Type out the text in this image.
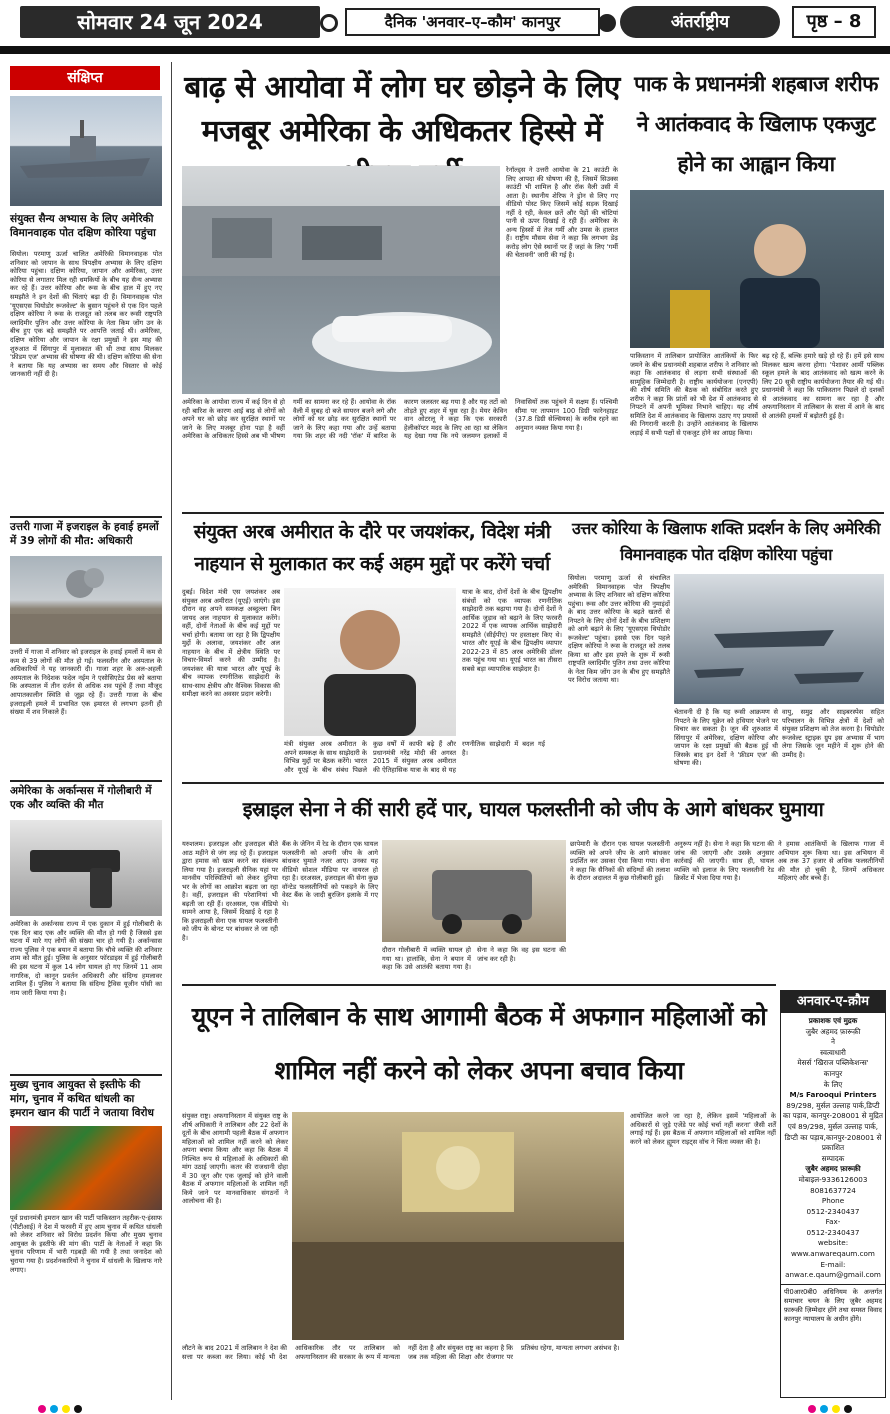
सोमवार 24 जून 2024	दैनिक 'अनवार–ए–कौम' कानपुर	अंतर्राष्ट्रीय	पृष्ठ – 8
संक्षिप्त
संयुक्त सैन्य अभ्यास के लिए अमेरिकी विमानवाहक पोत दक्षिण कोरिया पहुंचा
सियोल। परमाणु ऊर्जा चालित अमेरिकी विमानवाहक पोत शनिवार को जापान के साथ त्रिपक्षीय अभ्यास के लिए दक्षिण कोरिया पहुंचा। दक्षिण कोरिया, जापान और अमेरिका, उत्तर कोरिया से लगातार मिल रही धमकियों के बीच यह सैन्य अभ्यास कर रहे हैं। उत्तर कोरिया और रूस के बीच हाल में हुए नए समझौते ने इन देशों की चिंताएं बढ़ा दी हैं। विमानवाहक पोत 'यूएसएस थियोडोर रूजवेल्ट' के बुसान पहुंचने से एक दिन पहले दक्षिण कोरिया ने रूस के राजदूत को तलब कर रूसी राष्ट्रपति व्लादिमीर पुतिन और उत्तर कोरिया के नेता किम जोंग उन के बीच हुए एक बड़े समझौते पर आपत्ति जताई थी। अमेरिका, दक्षिण कोरिया और जापान के रक्षा प्रमुखों ने इस माह की शुरुआत में सिंगापुर में मुलाकात की थी तथा साथ मिलकर 'फ्रीडम एज' अभ्यास की घोषणा की थी। दक्षिण कोरिया की सेना ने बताया कि यह अभ्यास का समय और विस्तार से कोई जानकारी नहीं दी है।
उत्तरी गाजा में इजराइल के हवाई हमलों में 39 लोगों की मौत: अधिकारी
उत्तरी में गाजा में शनिवार को इजराइल के हवाई हमलों में कम से कम से 39 लोगों की मौत हो गई। फलस्तीन और अस्पताल के अधिकारियों ने यह जानकारी दी। गाजा शहर के अल-अहली अस्पताल के निदेशक फदेल नईम ने एसोसिएटेड प्रेस को बताया कि अस्पताल में तीन दर्जन से अधिक शव पहुंचे हैं तथा मौजूद आपातकालीन स्थिति से जूझ रहे हैं। उत्तरी गाजा के बीच इजराइली हमले में प्रभावित एक इमारत से लगभग इतनी ही संख्या में शव निकाले हैं।
अमेरिका के अर्कान्सस में गोलीबारी में एक और व्यक्ति की मौत
अमेरिका के अर्कान्सस राज्य में एक दुकान में हुई गोलीबारी के एक दिन बाद एक और व्यक्ति की मौत हो गयी है जिससे इस घटना में मारे गए लोगों की संख्या चार हो गयी है। अर्कान्सास राज्य पुलिस ने एक बयान में बताया कि चौथे व्यक्ति की शनिवार शाम को मौत हुई। पुलिस के अनुसार फॉरडाइस में हुई गोलीबारी की इस घटना में कुल 14 लोग घायल हो गए जिनमें 11 आम नागरिक, दो कानून प्रवर्तन अधिकारी और संदिग्ध हमलावर शामिल हैं। पुलिस ने बताया कि संदिग्ध ट्रैविस यूजीन पॉसी का नाम जारी किया गया है।
मुख्य चुनाव आयुक्त से इस्तीफे की मांग, चुनाव में कथित धांधली का इमरान खान की पार्टी ने जताया विरोध
पूर्व प्रधानमंत्री इमरान खान की पार्टी पाकिस्तान तहरीक-ए-इंसाफ (पीटीआई) ने देश में फरवरी में हुए आम चुनाव में कथित धांधली को लेकर शनिवार को विरोध प्रदर्शन किया और मुख्य चुनाव आयुक्त के इस्तीफे की मांग की। पार्टी के नेताओं ने कहा कि चुनाव परिणाम में भारी गड़बड़ी की गयी है तथा जनादेश को चुराया गया है। प्रदर्शनकारियों ने चुनाव में धांधली के खिलाफ नारे लगाए।
बाढ़ से आयोवा में लोग घर छोड़ने के लिए मजबूर अमेरिका के अधिकतर हिस्से में
रेनॉल्ड्स ने उत्तरी आयोवा के 21 काउंटी के लिए आपदा की घोषणा की है, जिसमें सिउक्स काउंटी भी शामिल है और रॉक वैली उसी में आता है। स्थानीय शेरिफ ने ड्रोन से लिए गए वीडियो पोस्ट किए जिसमें कोई सड़क दिखाई नहीं दे रही, केवल छतें और पेड़ों की चोटियां पानी से ऊपर दिखाई दे रही हैं। अमेरिका के अन्य हिस्सों में तेज गर्मी और उमस के हालात हैं। राष्ट्रीय मौसम सेवा ने कहा कि लगभग डेढ़ करोड़ लोग ऐसे स्थानों पर हैं जहां के लिए 'गर्मी की चेतावनी' जारी की गई है।
अमेरिका के आयोवा राज्य में कई दिन से हो रही बारिश के कारण आई बाढ़ से लोगों को अपने घर को छोड़ कर सुरक्षित स्थानों पर जाने के लिए मजबूर होना पड़ा है वहीं अमेरिका के अधिकतर हिस्से अब भी भीषण गर्मी का सामना कर रहे हैं। आयोवा के रॉक वैली में सुबह दो बजे सायरन बजने लगे और लोगों को घर छोड़ कर सुरक्षित स्थानों पर जाने के लिए कहा गया और उन्हें बताया गया कि शहर की नदी 'रॉक' में बारिश के कारण जलस्तर बढ़ गया है और यह तटों को तोड़ते हुए शहर में घुस रहा है। मेयर केविन वान ओटरलू ने कहा कि एक सरकारी हेलीकॉप्टर मदद के लिए आ रहा था लेकिन यह देखा गया कि नये जलमग्न इलाकों में निवासियों तक पहुंचने में सक्षम हैं। पश्चिमी सीमा पर तापमान 100 डिग्री फारेनहाइट (37.8 डिग्री सेल्सियस) के करीब रहने का अनुमान व्यक्त किया गया है।
पाक के प्रधानमंत्री शहबाज शरीफ ने आतंकवाद के खिलाफ एकजुट होने का आह्वान किया
पाकिस्तान में तालिबान प्रायोजित आतंकियों के फिर जमने के बीच प्रधानमंत्री शहबाज शरीफ ने शनिवार को कहा कि आतंकवाद से लड़ना सभी संस्थाओं की सामूहिक जिम्मेदारी है। राष्ट्रीय कार्ययोजना (एनएपी) की शीर्ष समिति की बैठक को संबोधित करते हुए शरीफ ने कहा कि प्रांतों को भी देश में आतंकवाद से निपटने में अपनी भूमिका निभाने चाहिए। यह शीर्ष समिति देश में आतंकवाद के खिलाफ उठाए गए प्रयासों की निगरानी करती है। उन्होंने आतंकवाद के खिलाफ लड़ाई में सभी पक्षों से एकजुट होने का आग्रह किया।
बढ़ रहे हैं, बल्कि हमारे खड़े हो रहे हैं। हमें इसे साथ मिलकर खत्म करना होगा। 'पेशावर आर्मी पब्लिक स्कूल हमले के बाद आतंकवाद को खत्म करने के लिए 20 सूत्री राष्ट्रीय कार्ययोजना तैयार की गई थी। प्रधानमंत्री ने कहा कि पाकिस्तान पिछले दो दशकों से आतंकवाद का सामना कर रहा है और अफगानिस्तान में तालिबान के सत्ता में आने के बाद से आतंकी हमलों में बढ़ोतरी हुई है।
संयुक्त अरब अमीरात के दौरे पर जयशंकर, विदेश मंत्री नाहयान से मुलाकात कर कई अहम मुद्दों पर करेंगे चर्चा
दुबई। विदेश मंत्री एस जयशंकर अब संयुक्त अरब अमीरात (यूएई) जाएंगे। इस दौरान वह अपने समकक्ष अब्दुल्ला बिन जायद अल नाहयान से मुलाकात करेंगे। वहीं, दोनों नेताओं के बीच कई मुद्दों पर चर्चा होगी। बताया जा रहा है कि द्विपक्षीय मुद्दों के अलावा, जयशंकर और अल नाहयान के बीच में क्षेत्रीय स्थिति पर विचार-विमर्श करने की उम्मीद है। जयशंकर की यात्रा भारत और यूएई के बीच व्यापक रणनीतिक साझेदारी के साथ-साथ क्षेत्रीय और वैश्विक विकास की समीक्षा करने का अवसर प्रदान करेगी।
मंत्री संयुक्त अरब अमीरात के अपने समकक्ष के साथ साझेदारी के विभिन्न मुद्दों पर बैठक करेंगे। भारत और यूएई के बीच संबंध पिछले कुछ वर्षों में काफी बढ़े हैं और प्रधानमंत्री नरेंद्र मोदी की अगस्त 2015 में संयुक्त अरब अमीरात की ऐतिहासिक यात्रा के बाद से यह रणनीतिक साझेदारी में बदल गई है।
यात्रा के बाद, दोनों देशों के बीच द्विपक्षीय संबंधों को एक व्यापक रणनीतिक साझेदारी तक बढ़ाया गया है। दोनों देशों ने आर्थिक जुड़ाव को बढ़ाने के लिए फरवरी 2022 में एक व्यापक आर्थिक साझेदारी समझौते (सीईपीए) पर हस्ताक्षर किए थे। भारत और यूएई के बीच द्विपक्षीय व्यापार 2022-23 में 85 अरब अमेरिकी डॉलर तक पहुंच गया था। यूएई भारत का तीसरा सबसे बड़ा व्यापारिक साझेदार है।
उत्तर कोरिया के खिलाफ शक्ति प्रदर्शन के लिए अमेरिकी विमानवाहक पोत दक्षिण कोरिया पहुंचा
सियोल। परमाणु ऊर्जा से संचालित अमेरिकी विमानवाहक पोत त्रिपक्षीय अभ्यास के लिए शनिवार को दक्षिण कोरिया पहुंचा। रूस और उत्तर कोरिया की नुमाइंदों के बाद उत्तर कोरिया के बढ़ते खतरों से निपटने के लिए दोनों देशों के बीच प्रशिक्षण को आगे बढ़ाने के लिए 'यूएसएस थियोडोर रूजवेल्ट' पहुंचा। इससे एक दिन पहले दक्षिण कोरिया ने रूस के राजदूत को तलब किया था और इस हफ्ते के शुरू में रूसी राष्ट्रपति व्लादिमीर पुतिन तथा उत्तर कोरिया के नेता किम जोंग उन के बीच हुए समझौते पर विरोध जताया था।
चेतावनी दी है कि यह रूसी आक्रमण से निपटने के लिए यूक्रेन को हथियार भेजने पर विचार कर सकता है। जून की शुरुआत में सिंगापुर में अमेरिका, दक्षिण कोरिया और जापान के रक्षा प्रमुखों की बैठक हुई थी जिसके बाद इन देशों ने 'फ्रीडम एज' की घोषणा की।
वायु, समुद्र और साइबरस्पेस सहित परिचालन के विभिन्न क्षेत्रों में देशों को संयुक्त प्रशिक्षण को तेज करना है। थियोडोर रूजवेल्ट स्ट्राइक ग्रुप इस अभ्यास में भाग लेगा जिसके जून महीने में शुरू होने की उम्मीद है।
इस्राइल सेना ने कीं सारी हदें पार, घायल फलस्तीनी को जीप के आगे बांधकर घुमाया
यरुशलम। इजराइल और इजराइल बीते आठ महीने से जंग लड़ रहे हैं। इजराइल द्वारा हमास को खत्म करने का संकल्प लिया गया है। इजराइली सैनिक यहां पर मानवीय परिस्थितियों को लेकर दुनिया भर के लोगों का आक्रोश बढ़ता जा रहा है। वहीं, इजराइल की परेशानियां भी बढ़ती जा रही हैं। दरअसल, एक वीडियो सामने आया है, जिसमें दिखाई दे रहा है कि इजराइली सेना एक घायल फलस्तीनी को जीप के बोनट पर बांधकर ले जा रही है।
बैंक के जेनिन में रेड के दौरान एक घायल फलस्तीनी को अपनी जीप के आगे बांधकर घुमाते नजर आए। उनका यह वीडियो सोशल मीडिया पर वायरल हो रहा है। दरअसल, इजराइल की सेना कुछ वॉन्टेड फलस्तीनियों को पकड़ने के लिए वेस्ट बैंक के जादी बुरजिन इलाके में गए थे।
दौरान गोलीबारी में व्यक्ति घायल हो गया था। हालांकि, सेना ने बयान में कहा कि उसे आतंकी बताया गया है। सेना ने कहा कि वह इस घटना की जांच कर रही है।
छापेमारी के दौरान एक घायल फलस्तीनी व्यक्ति को अपने जीप के आगे बांधकर प्रदर्शित कर उसका ऐसा किया गया। सेना ने कहा कि सैनिकों की संदिग्धों की तलाश के दौरान अदालत में कुछ गोलीबारी हुई।
अनुरूप नहीं है। सेना ने कहा कि घटना की जांच की जाएगी और उसके अनुसार कार्रवाई की जाएगी। साथ ही, घायल व्यक्ति को इलाज के लिए फलस्तीनी रेड क्रिसेंट में भेजा दिया गया है।
ने हमास आतंकियों के खिलाफ गाजा में अभियान शुरू किया था। इस अभियान में अब तक 37 हजार से अधिक फलस्तीनियों की मौत हो चुकी है, जिनमें अधिकतर महिलाएं और बच्चे हैं।
यूएन ने तालिबान के साथ आगामी बैठक में अफगान महिलाओं को शामिल नहीं करने को लेकर अपना बचाव किया
संयुक्त राष्ट्र। अफगानिस्तान में संयुक्त राष्ट्र के शीर्ष अधिकारी ने तालिबान और 22 देशों के दूतों के बीच आगामी पहली बैठक में अफगान महिलाओं को शामिल नहीं करने को लेकर अपना बचाव किया और कहा कि बैठक में निश्चित रूप से महिलाओं के अधिकारों की मांग उठाई जाएगी। कतर की राजधानी दोहा में 30 जून और एक जुलाई को होने वाली बैठक में अफगान महिलाओं के शामिल नहीं किये जाने पर मानवाधिकार संगठनों ने आलोचना की है।
आयोजित करने जा रहा है, लेकिन इसमें 'महिलाओं के अधिकारों से जुड़े एजेंडे पर कोई चर्चा नहीं करना' जैसी शर्तें लगाई गई हैं। इस बैठक में अफगान महिलाओं को शामिल नहीं करने को लेकर ह्यूमन राइट्स वॉच ने चिंता व्यक्त की है।
लौटने के बाद 2021 में तालिबान ने देश की सत्ता पर कब्जा कर लिया। कोई भी देश आधिकारिक तौर पर तालिबान को अफगानिस्तान की सरकार के रूप में मान्यता नहीं देता है और संयुक्त राष्ट्र का कहना है कि जब तक महिला की शिक्षा और रोजगार पर प्रतिबंध रहेगा, मान्यता लगभग असंभव है।
अनवार-ए-क़ौम
प्रकाशक एवं मुद्रक
जुबैर अहमद फ़ारूक़ी
ने
स्वत्वाधारी
मेसर्स 'खिराज पब्लिकेशन्स'
कानपुर
के लिए
M/s Farooqui Printers
89/298, मुर्सल उल्लाह पार्क,डिप्टी का पड़ाव, कानपुर-208001 से मुद्रित एवं 89/298, मुर्सल उल्लाह पार्क, डिप्टी का पड़ाव,कानपुर-208001 से प्रकाशित
सम्पादक
जुबैर अहमद फ़ारूक़ी
मोबाइल-9336126003
8081637724
Phone
0512-2340437
Fax-
0512-2340437
website:
www.anwareqaum.com
E-mail:
anwar.e.qaum@gmail.com
पी0आर0बी0 अधिनियम के अन्तर्गत समाचार चयन के लिए ज़ुबैर अहमद फ़ारूक़ी ज़िम्मेदार होंगे तथा समस्त विवाद कानपुर न्यायालय के अधीन होंगे।
